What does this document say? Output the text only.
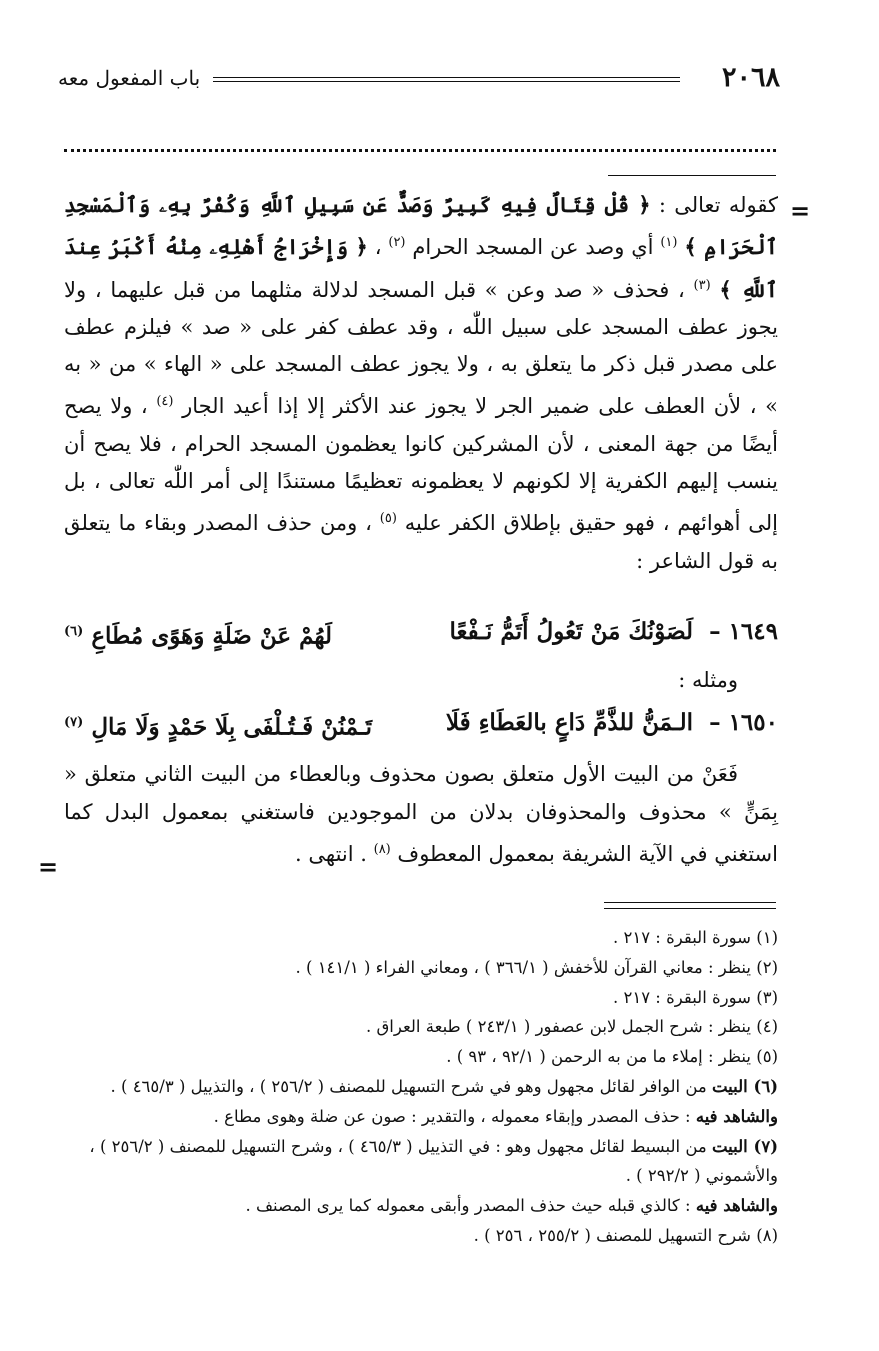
٢٠٦٨
باب المفعول معه
=

كقوله تعالى : ﴿ قُلْ قِتَالٌ فِيهِ كَبِيرٌ وَصَدٌّ عَن سَبِيلِ ٱللَّهِ وَكُفْرٌ بِهِۦ وَٱلْمَسْجِدِ ٱلْحَرَامِ ﴾ $^{(١)}$ أي وصد عن المسجد الحرام $^{(٢)}$ ، ﴿ وَإِخْرَاجُ أَهْلِهِۦ مِنْهُ أَكْبَرُ عِندَ ٱللَّهِ ﴾ $^{(٣)}$ ، فحذف « صد وعن » قبل المسجد لدلالة مثلهما من قبل عليهما ، ولا يجوز عطف المسجد على سبيل اللّٰه ، وقد عطف كفر على « صد » فيلزم عطف على مصدر قبل ذكر ما يتعلق به ، ولا يجوز عطف المسجد على « الهاء » من « به » ، لأن العطف على ضمير الجر لا يجوز عند الأكثر إلا إذا أعيد الجار $^{(٤)}$ ، ولا يصح أيضًا من جهة المعنى ، لأن المشركين كانوا يعظمون المسجد الحرام ، فلا يصح أن ينسب إليهم الكفرية إلا لكونهم لا يعظمونه تعظيمًا مستندًا إلى أمر اللّٰه تعالى ، بل إلى أهوائهم ، فهو حقيق بإطلاق الكفر عليه $^{(٥)}$ ، ومن حذف المصدر وبقاء ما يتعلق به قول الشاعر :

١٦٤٩ – لَصَوْنُكَ مَنْ تَعُولُ أَتَمُّ نَـفْعًا
لَهُمْ عَنْ ضَلَةٍ وَهَوًى مُطَاعِ $^{(٦)}$
ومثله :
١٦٥٠ – الـمَنُّ للذَّمِّ دَاعٍ بالعَطَاءِ فَلَا
تَـمْنُنْ فَـتُـلْفَى بِلَا حَمْدٍ وَلَا مَالِ $^{(٧)}$
فَعَنْ من البيت الأول متعلق بصون محذوف وبالعطاء من البيت الثاني متعلق « بِمَنٍّ » محذوف والمحذوفان بدلان من الموجودين فاستغني بمعمول البدل كما استغني في الآية الشريفة بمعمول المعطوف $^{(٨)}$ . انتهى .
=

(١) سورة البقرة : ٢١٧ .

(٢) ينظر : معاني القرآن للأخفش ( ٣٦٦/١ ) ، ومعاني الفراء ( ١٤١/١ ) .

(٣) سورة البقرة : ٢١٧ .

(٤) ينظر : شرح الجمل لابن عصفور ( ٢٤٣/١ ) طبعة العراق .

(٥) ينظر : إملاء ما من به الرحمن ( ٩٢/١ ، ٩٣ ) .

(٦) البيت من الوافر لقائل مجهول وهو في شرح التسهيل للمصنف ( ٢٥٦/٢ ) ، والتذييل ( ٤٦٥/٣ ) .

والشاهد فيه : حذف المصدر وإبقاء معموله ، والتقدير : صون عن ضلة وهوى مطاع .

(٧) البيت من البسيط لقائل مجهول وهو : في التذييل ( ٤٦٥/٣ ) ، وشرح التسهيل للمصنف ( ٢٥٦/٢ ) ، والأشموني ( ٢٩٢/٢ ) .

والشاهد فيه : كالذي قبله حيث حذف المصدر وأبقى معموله كما يرى المصنف .

(٨) شرح التسهيل للمصنف ( ٢٥٥/٢ ، ٢٥٦ ) .
